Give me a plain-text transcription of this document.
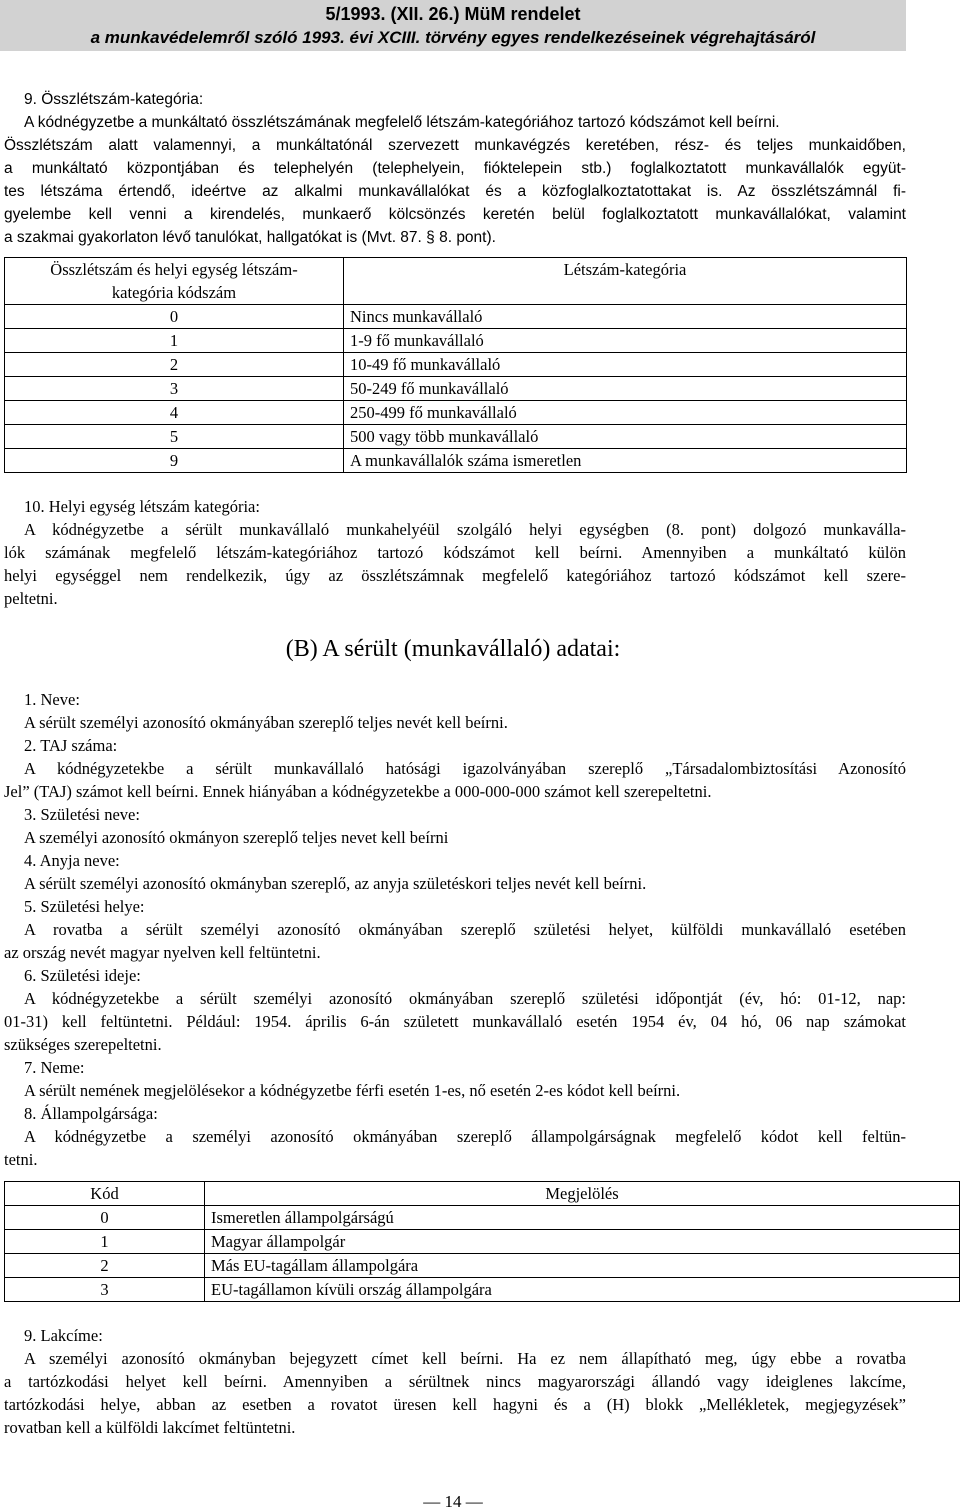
5/1993. (XII. 26.) MüM rendelet
a munkavédelemről szóló 1993. évi XCIII. törvény egyes rendelkezéseinek végrehajtásáról
9. Összlétszám-kategória:
A kódnégyzetbe a munkáltató összlétszámának megfelelő létszám-kategóriához tartozó kódszámot kell beírni.
Összlétszám alatt valamennyi, a munkáltatónál szervezett munkavégzés keretében, rész- és teljes munkaidőben,
a munkáltató központjában és telephelyén (telephelyein, fióktelepein stb.) foglalkoztatott munkavállalók együt-
tes létszáma értendő, ideértve az alkalmi munkavállalókat és a közfoglalkoztatottakat is. Az összlétszámnál fi-
gyelembe kell venni a kirendelés, munkaerő kölcsönzés keretén belül foglalkoztatott munkavállalókat, valamint
a szakmai gyakorlaton lévő tanulókat, hallgatókat is (Mvt. 87. § 8. pont).
Összlétszám és helyi egység létszám-
kategória kódszám	Létszám-kategória
0	Nincs munkavállaló
1	1-9 fő munkavállaló
2	10-49 fő munkavállaló
3	50-249 fő munkavállaló
4	250-499 fő munkavállaló
5	500 vagy több munkavállaló
9	A munkavállalók száma ismeretlen
10. Helyi egység létszám kategória:
A kódnégyzetbe a sérült munkavállaló munkahelyéül szolgáló helyi egységben (8. pont) dolgozó munkaválla-
lók számának megfelelő létszám-kategóriához tartozó kódszámot kell beírni. Amennyiben a munkáltató külön
helyi egységgel nem rendelkezik, úgy az összlétszámnak megfelelő kategóriához tartozó kódszámot kell szere-
peltetni.
(B) A sérült (munkavállaló) adatai:
1. Neve:
A sérült személyi azonosító okmányában szereplő teljes nevét kell beírni.
2. TAJ száma:
A kódnégyzetekbe a sérült munkavállaló hatósági igazolványában szereplő „Társadalombiztosítási Azonosító
Jel” (TAJ) számot kell beírni. Ennek hiányában a kódnégyzetekbe a 000-000-000 számot kell szerepeltetni.
3. Születési neve:
A személyi azonosító okmányon szereplő teljes nevet kell beírni
4. Anyja neve:
A sérült személyi azonosító okmányban szereplő, az anyja születéskori teljes nevét kell beírni.
5. Születési helye:
A rovatba a sérült személyi azonosító okmányában szereplő születési helyet, külföldi munkavállaló esetében
az ország nevét magyar nyelven kell feltüntetni.
6. Születési ideje:
A kódnégyzetekbe a sérült személyi azonosító okmányában szereplő születési időpontját (év, hó: 01-12, nap:
01-31) kell feltüntetni. Például: 1954. április 6-án született munkavállaló esetén 1954 év, 04 hó, 06 nap számokat
szükséges szerepeltetni.
7. Neme:
A sérült nemének megjelölésekor a kódnégyzetbe férfi esetén 1-es, nő esetén 2-es kódot kell beírni.
8. Állampolgársága:
A kódnégyzetbe a személyi azonosító okmányában szereplő állampolgárságnak megfelelő kódot kell feltün-
tetni.
Kód	Megjelölés
0	Ismeretlen állampolgárságú
1	Magyar állampolgár
2	Más EU-tagállam állampolgára
3	EU-tagállamon kívüli ország állampolgára
9. Lakcíme:
A személyi azonosító okmányban bejegyzett címet kell beírni. Ha ez nem állapítható meg, úgy ebbe a rovatba
a tartózkodási helyet kell beírni. Amennyiben a sérültnek nincs magyarországi állandó vagy ideiglenes lakcíme,
tartózkodási helye, abban az esetben a rovatot üresen kell hagyni és a (H) blokk „Mellékletek, megjegyzések”
rovatban kell a külföldi lakcímet feltüntetni.
— 14 —
